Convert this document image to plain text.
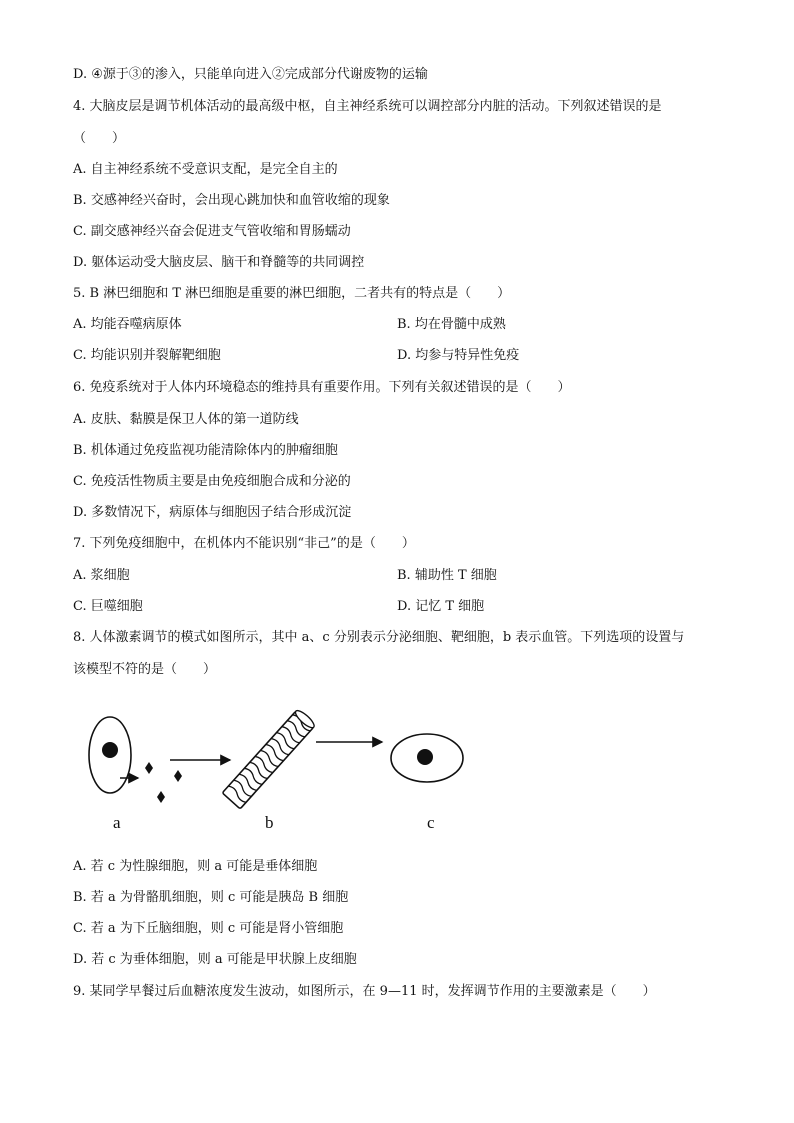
D. ④源于③的渗入，只能单向进入②完成部分代谢废物的运输
4. 大脑皮层是调节机体活动的最高级中枢，自主神经系统可以调控部分内脏的活动。下列叙述错误的是
（　　）
A. 自主神经系统不受意识支配，是完全自主的
B. 交感神经兴奋时，会出现心跳加快和血管收缩的现象
C. 副交感神经兴奋会促进支气管收缩和胃肠蠕动
D. 躯体运动受大脑皮层、脑干和脊髓等的共同调控
5. B 淋巴细胞和 T 淋巴细胞是重要的淋巴细胞，二者共有的特点是（　　）
A. 均能吞噬病原体	B. 均在骨髓中成熟
C. 均能识别并裂解靶细胞	D. 均参与特异性免疫
6. 免疫系统对于人体内环境稳态的维持具有重要作用。下列有关叙述错误的是（　　）
A. 皮肤、黏膜是保卫人体的第一道防线
B. 机体通过免疫监视功能清除体内的肿瘤细胞
C. 免疫活性物质主要是由免疫细胞合成和分泌的
D. 多数情况下，病原体与细胞因子结合形成沉淀
7. 下列免疫细胞中，在机体内不能识别“非己”的是（　　）
A. 浆细胞	B. 辅助性 T 细胞
C. 巨噬细胞	D. 记忆 T 细胞
8. 人体激素调节的模式如图所示，其中 a、c 分别表示分泌细胞、靶细胞，b 表示血管。下列选项的设置与
该模型不符的是（　　）
a	b	c
A. 若 c 为性腺细胞，则 a 可能是垂体细胞
B. 若 a 为骨骼肌细胞，则 c 可能是胰岛 B 细胞
C. 若 a 为下丘脑细胞，则 c 可能是肾小管细胞
D. 若 c 为垂体细胞，则 a 可能是甲状腺上皮细胞
9. 某同学早餐过后血糖浓度发生波动，如图所示，在 9—11 时，发挥调节作用的主要激素是（　　）
